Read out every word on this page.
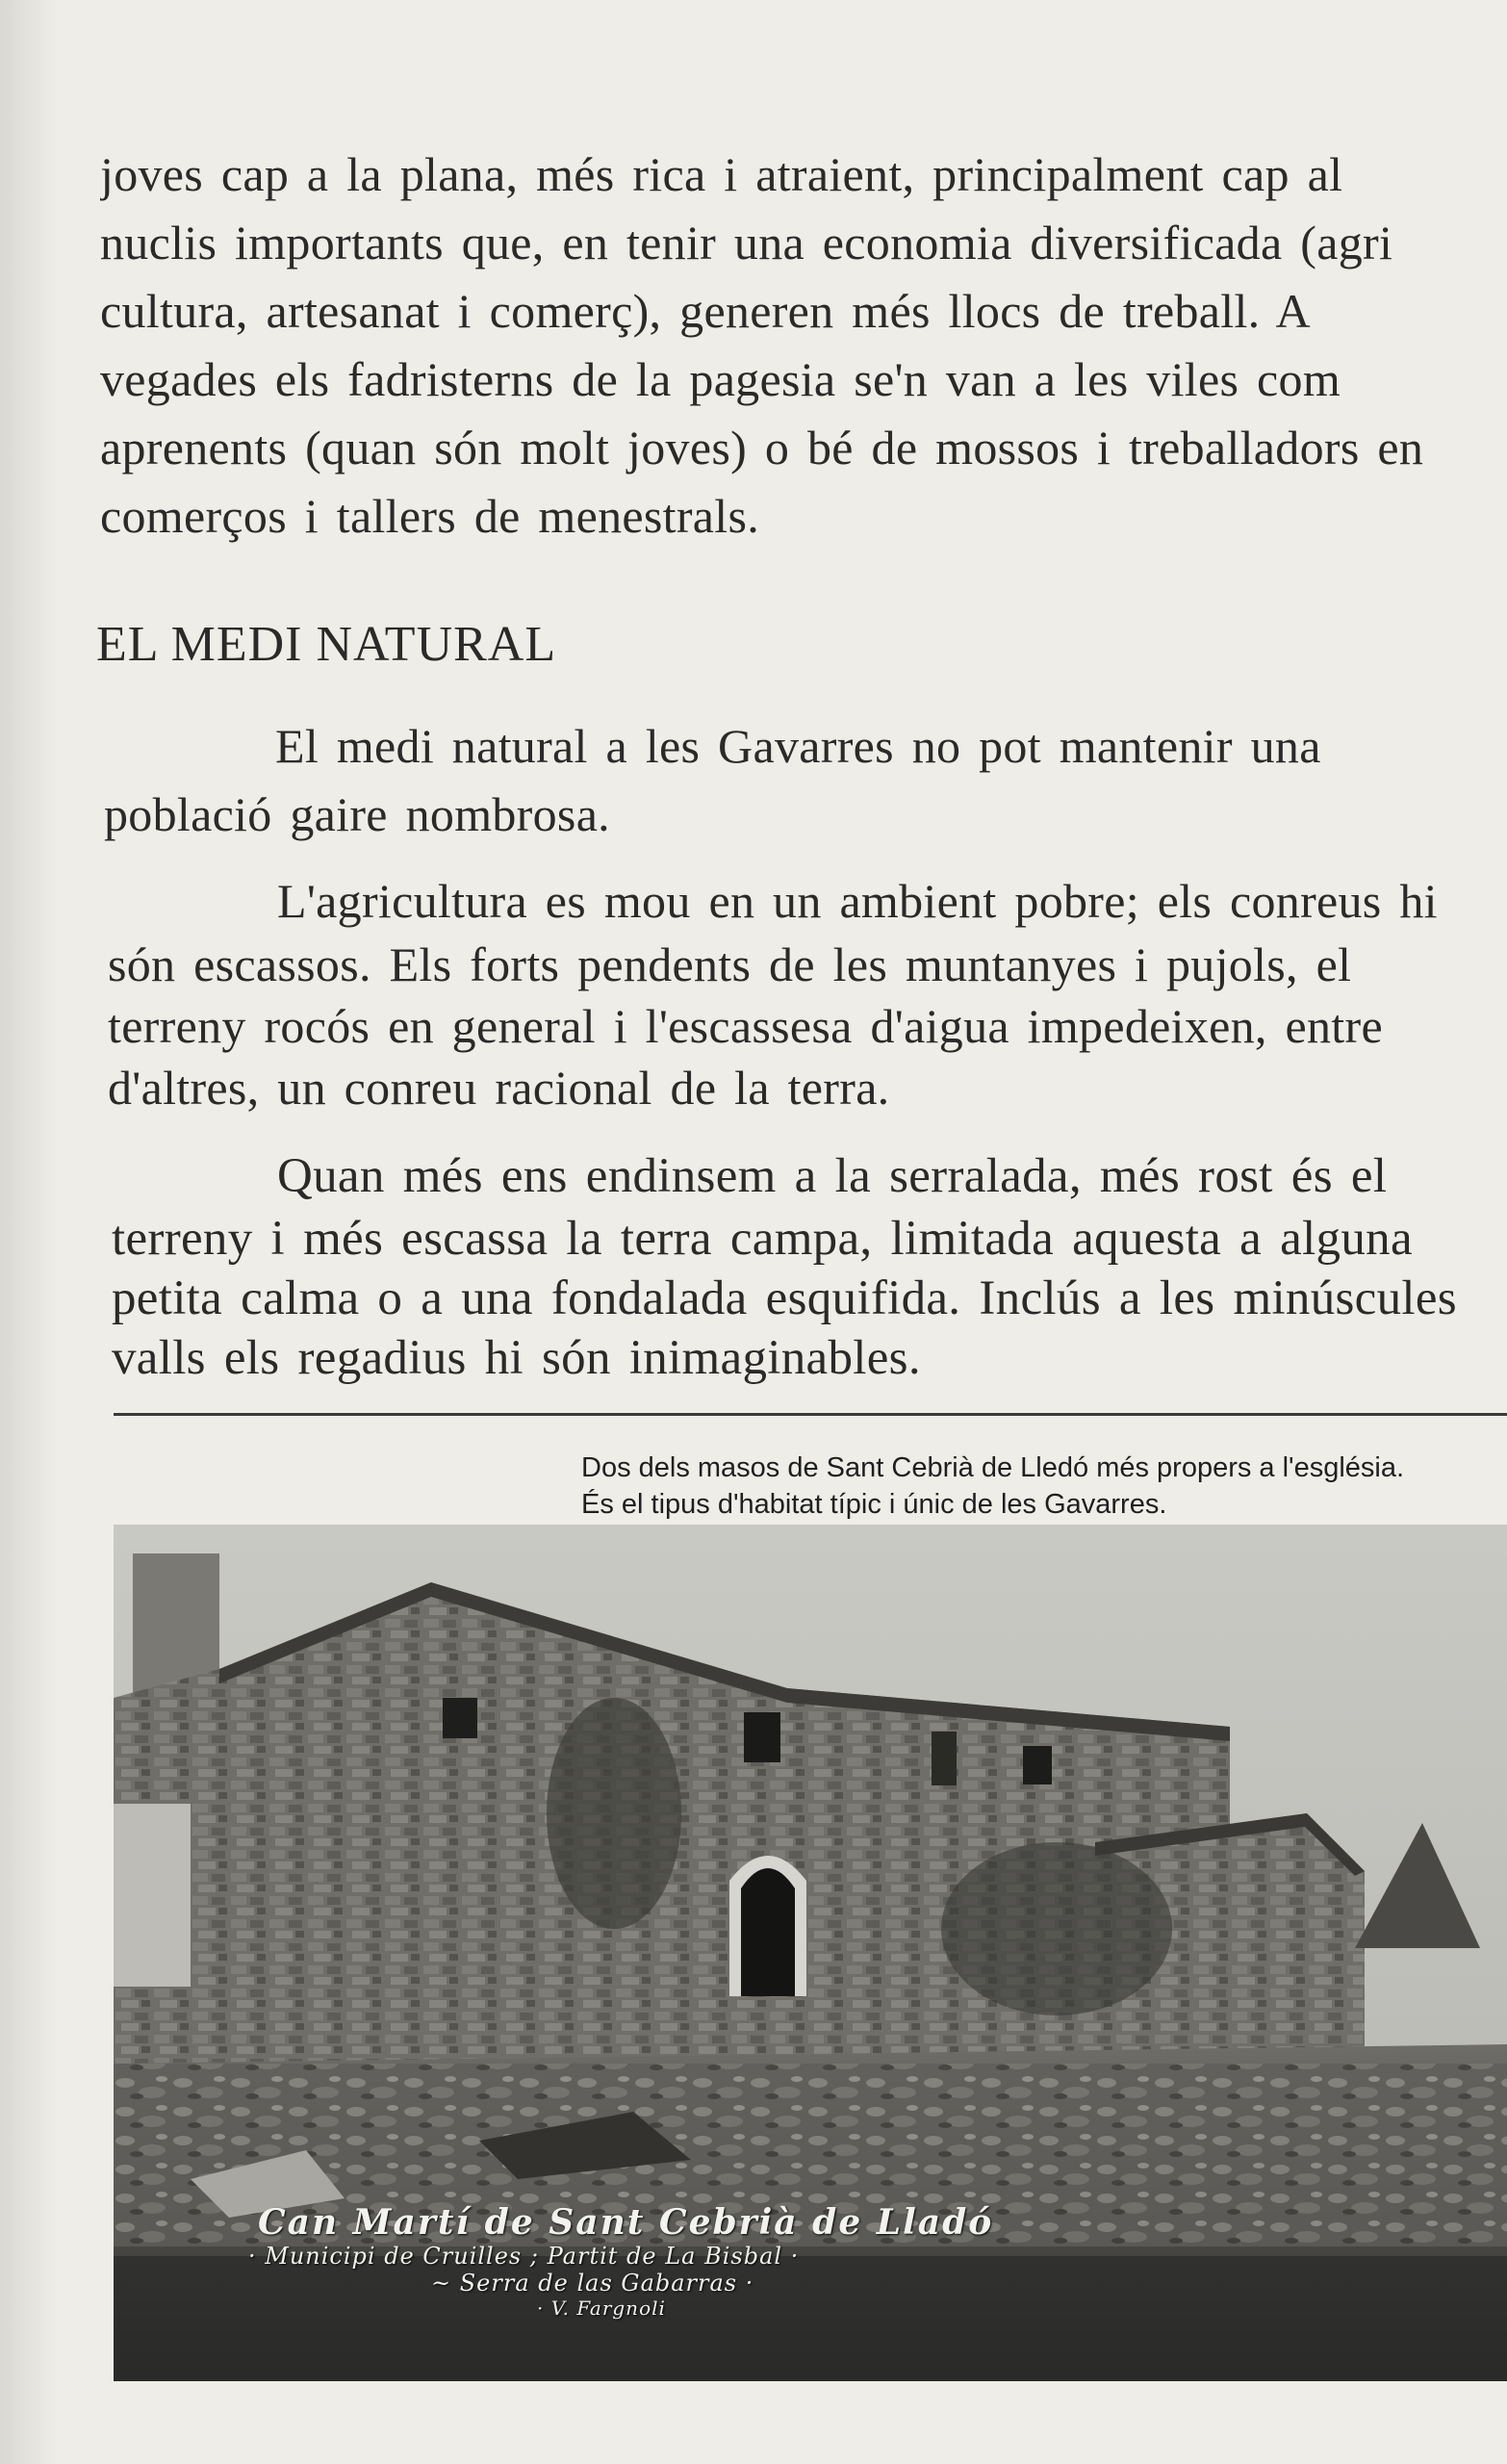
joves cap a la plana, més rica i atraient, principalment cap al
nuclis importants que, en tenir una economia diversificada (agri
cultura, artesanat i comerç), generen més llocs de treball. A
vegades els fadristerns de la pagesia se'n van a les viles com
aprenents (quan són molt joves) o bé de mossos i treballadors en
comerços i tallers de menestrals.

EL MEDI NATURAL

El medi natural a les Gavarres no pot mantenir una
població gaire nombrosa.

L'agricultura es mou en un ambient pobre; els conreus hi
són escassos. Els forts pendents de les muntanyes i pujols, el
terreny rocós en general i l'escassesa d'aigua impedeixen, entre
d'altres, un conreu racional de la terra.

Quan més ens endinsem a la serralada, més rost és el
terreny i més escassa la terra campa, limitada aquesta a alguna
petita calma o a una fondalada esquifida. Inclús a les minúscules
valls els regadius hi són inimaginables.

Dos dels masos de Sant Cebrià de Lledó més propers a l'església.
És el tipus d'habitat típic i únic de les Gavarres.
Can Martí de Sant Cebrià de Lladó
· Municipi de Cruilles ; Partit de La Bisbal ·
~ Serra de las Gabarras ·
· V. Fargnoli
